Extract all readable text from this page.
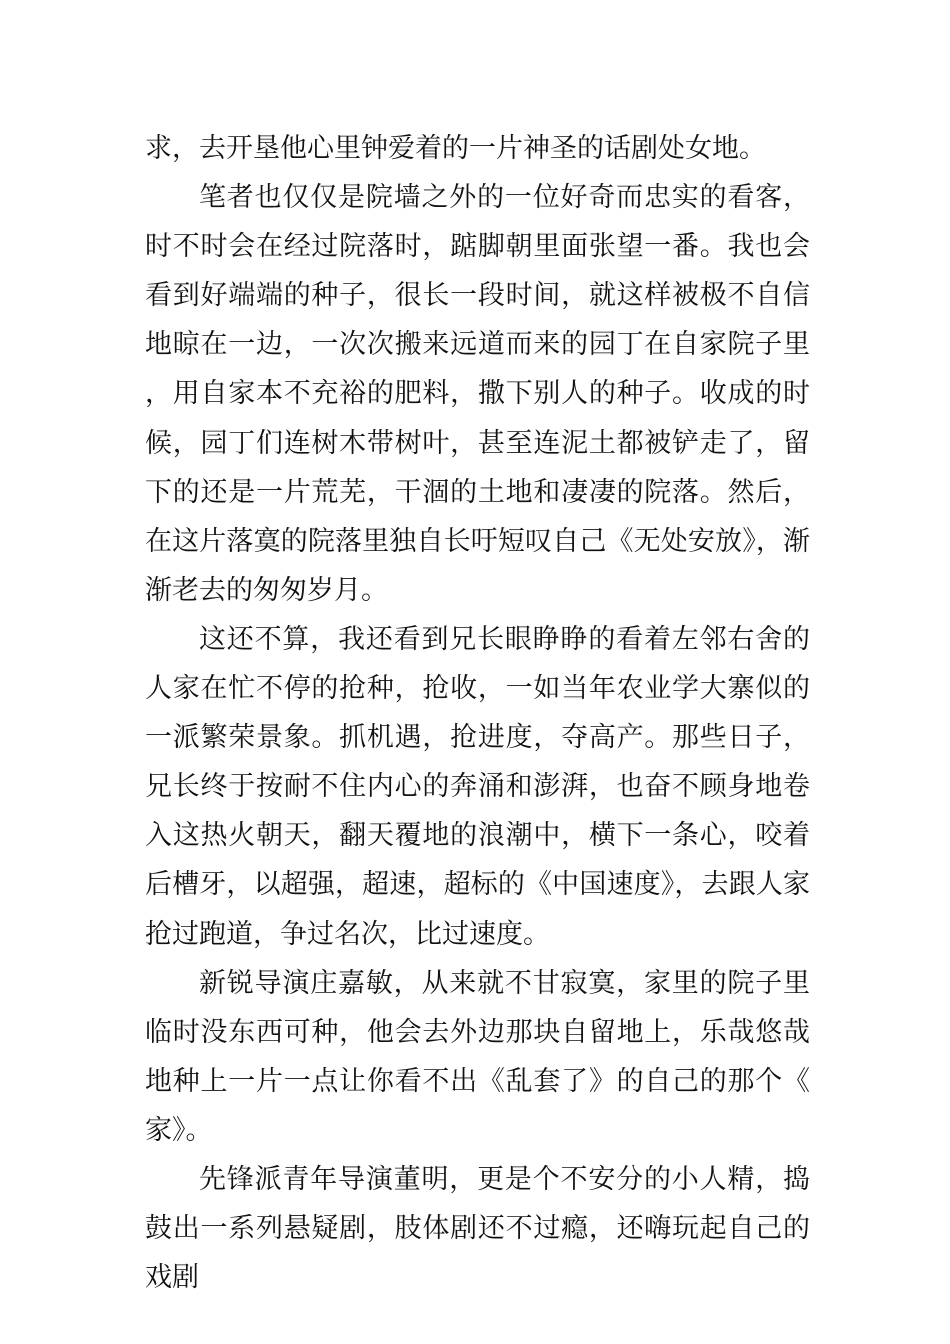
求，去开垦他心里钟爱着的一片神圣的话剧处女地。

笔者也仅仅是院墙之外的一位好奇而忠实的看客，时不时会在经过院落时，踮脚朝里面张望一番。我也会看到好端端的种子，很长一段时间，就这样被极不自信地晾在一边，一次次搬来远道而来的园丁在自家院子里，用自家本不充裕的肥料，撒下别人的种子。收成的时候，园丁们连树木带树叶，甚至连泥土都被铲走了，留下的还是一片荒芜，干涸的土地和凄凄的院落。然后，在这片落寞的院落里独自长吁短叹自己《无处安放》，渐渐老去的匆匆岁月。

这还不算，我还看到兄长眼睁睁的看着左邻右舍的人家在忙不停的抢种，抢收，一如当年农业学大寨似的一派繁荣景象。抓机遇，抢进度，夺高产。那些日子，兄长终于按耐不住内心的奔涌和澎湃，也奋不顾身地卷入这热火朝天，翻天覆地的浪潮中，横下一条心，咬着后槽牙，以超强，超速，超标的《中国速度》，去跟人家抢过跑道，争过名次，比过速度。

新锐导演庄嘉敏，从来就不甘寂寞，家里的院子里临时没东西可种，他会去外边那块自留地上，乐哉悠哉地种上一片一点让你看不出《乱套了》的自己的那个《家》。

先锋派青年导演董明，更是个不安分的小人精，捣鼓出一系列悬疑剧，肢体剧还不过瘾，还嗨玩起自己的戏剧
